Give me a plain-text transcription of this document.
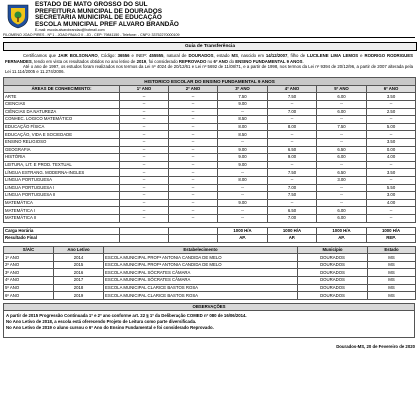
ESTADO DE MATO GROSSO DO SUL
PREFEITURA MUNICIPAL DE DOURADOS
SECRETARIA MUNICIPAL DE EDUCAÇÃO
ESCOLA MUNICIPAL PREF ALVARO BRANDÃO
E-mail: escola.alvarobrandao@hotmail.com
FILOMENO JOAO PIRES - Nº 1 - JOAO PAULO II - JD - CEP: 79841150 - Telefone: - CNPJ: 33752270000109
Guia de Transferência

Certificamos que JAIR BOLSONARO, Código: 36556 e INEP: 455555, natural de DOURADOS, estado MS, nascido em 14/12/2007, filho de LUCILENE LIMA LEMOS e RODRIGO RODRIGUES FERNANDES, tendo em vista os resultados obtidos no ano letivo de 2019, foi considerado REPROVADO no 6º ANO do ENSINO FUNDAMENTAL 9 ANOS.

Até o ano de 1997, os estudos foram realizados nos termos da Lei nº 4024 de 20/12/61 e Lei nº 5692 de 11/08/71, e a partir de 1998, nos termos da Lei nº 9394 de 20/12/96, a partir de 2007 alterada pela Lei 11.114/2005 e 11.274/2006.

HISTORICO ESCOLAR DO ENSINO FUNDAMENTAL 9 ANOS						
ÁREAS DE CONHECIMENTO:	1º ANO	2º ANO	3º ANO	4º ANO	5º ANO	6º ANO
ARTE	--	--	7.50	7.50	6.00	3.50
CIENCIAS	--	--	9.00	--	--	--
CIÊNCIAS DA NATUREZA	--	--	--	7.00	6.00	2.50
CONHEC. LOGICO MATEMÁTICO	--	--	8.50	--	--	--
EDUCAÇÃO FÍSICA	--	--	8.00	8.00	7.50	5.00
EDUCAÇÃO, VIDA E SOCIEDADE	--	--	8.50	--	--	--
ENSINO RELIGIOSO	--	--	--	--	--	3.50
GEOGRAFIA	--	--	9.00	6.50	6.50	0.00
HISTÓRIA	--	--	9.00	9.00	6.00	4.00
LEITURA, LIT. E PROD. TEXTUAL	--	--	9.00	--	--	--
LÍNGUA ESTRANG. MODERNA-INGLES	--	--	--	7.50	6.50	3.50
LINGUA PORTUGUESA	--	--	8.00	--	3.00	--
LINGUA PORTUGUESA I	--	--	--	7.00	--	5.50
LINGUA PORTUGUESA II	--	--	--	7.50	--	3.00
MATEMÁTICA	--	--	9.00	--	--	4.00
MATEMÁTICA I	--	--	--	6.50	6.00	--
MATEMÁTICA II	--	--	--	7.00	6.00	--

Carga Horária			1000 H/A	1000 H/A	1000 H/A	1000 H/A
Resultado Final			AP.	AP.	AP.	REP.
S/A/C	Ano Letivo	Estabelecimento	Município	Estado
1º ANO	2014	ESCOLA MUNICIPAL PROFª ANTONIA CANDIDA DE MELO	DOURADOS	MS
2º ANO	2015	ESCOLA MUNICIPAL PROFª ANTONIA CANDIDA DE MELO	DOURADOS	MS
3º ANO	2016	ESCOLA MUNICIPAL SÓCRATES CÂMARA	DOURADOS	MS
4º ANO	2017	ESCOLA MUNICIPAL SÓCRATES CÂMARA	DOURADOS	MS
5º ANO	2018	ESCOLA MUNICIPAL CLARICE BASTOS ROSA	DOURADOS	MS
6º ANO	2019	ESCOLA MUNICIPAL CLARICE BASTOS ROSA	DOURADOS	MS
OBSERVAÇÕES
A partir de 2015 Progressão Continuada 1º e 2º ano conforme art. 22 § 1º da Deliberação COMED nº 080 de 16/06/2014.
No Ano Letivo de 2018, a escola está oferecendo Projeto de Leitura como parte diversificada.
No Ano Letivo de 2019 o aluno cursou o 6º Ano do Ensino Fundamental e foi considerado Reprovado.
Dourados-MS, 20 de Fevereiro de 2020
